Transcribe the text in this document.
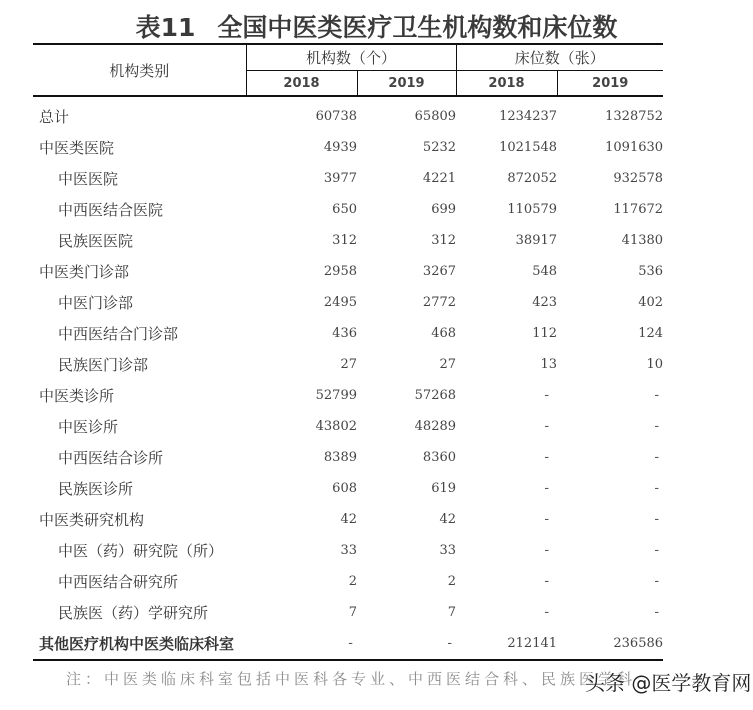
表11 全国中医类医疗卫生机构数和床位数
机构类别	机构数（个）		床位数（张）	
	2018	2019	2018	2019
总计	60738	65809	1234237	1328752
中医类医院	4939	5232	1021548	1091630
中医医院	3977	4221	872052	932578
中西医结合医院	650	699	110579	117672
民族医医院	312	312	38917	41380
中医类门诊部	2958	3267	548	536
中医门诊部	2495	2772	423	402
中西医结合门诊部	436	468	112	124
民族医门诊部	27	27	13	10
中医类诊所	52799	57268	-	-
中医诊所	43802	48289	-	-
中西医结合诊所	8389	8360	-	-
民族医诊所	608	619	-	-
中医类研究机构	42	42	-	-
中医（药）研究院（所）	33	33	-	-
中西医结合研究所	2	2	-	-
民族医（药）学研究所	7	7	-	-
其他医疗机构中医类临床科室	-	-	212141	236586
注：中医类临床科室包括中医科各专业、中西医结合科、民族医学科
头条 @医学教育网
